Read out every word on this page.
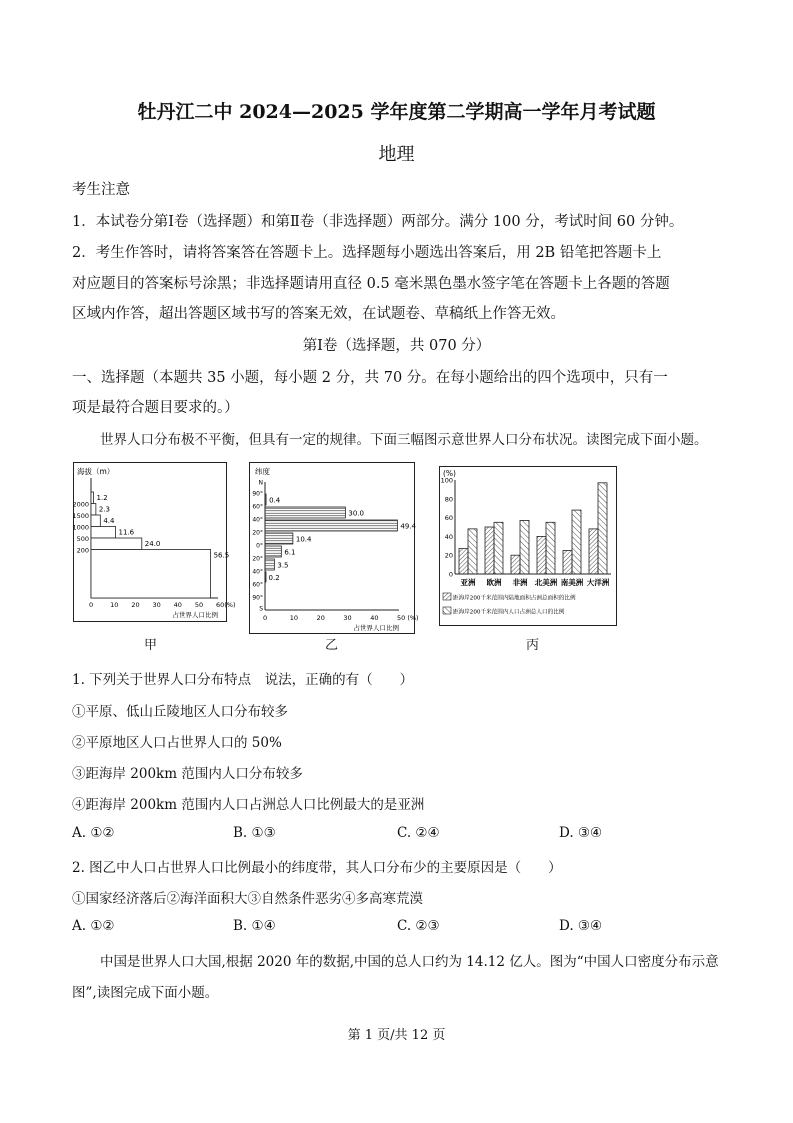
牡丹江二中 2024—2025 学年度第二学期高一学年月考试题
地理
考生注意
1．本试卷分第Ⅰ卷（选择题）和第Ⅱ卷（非选择题）两部分。满分 100 分，考试时间 60 分钟。
2．考生作答时，请将答案答在答题卡上。选择题每小题选出答案后，用 2B 铅笔把答题卡上
对应题目的答案标号涂黑；非选择题请用直径 0.5 毫米黑色墨水签字笔在答题卡上各题的答题
区域内作答，超出答题区域书写的答案无效，在试题卷、草稿纸上作答无效。
第Ⅰ卷（选择题，共 070 分）
一、选择题（本题共 35 小题，每小题 2 分，共 70 分。在每小题给出的四个选项中，只有一
项是最符合题目要求的。）
世界人口分布极不平衡，但具有一定的规律。下面三幅图示意世界人口分布状况。读图完成下面小题。
海拔（m）
1.2
2.3
4.4
11.6
24.0
56.5
2000
1500
1000
500
200
0	10 20 30 40 50 60(%)
占世界人口比例
纬度
N
90°
60°
40°
20°
0°
20°
40°
60°
90°
S
0.4
30.0
49.4
10.4
6.1
3.5
0.2
0	10	20	30	40	50 (%)
占世界人口比例
(%)
0
20
40
60
80
100
亚洲 欧洲 非洲 北美洲 南美洲 大洋洲
距海岸200千米范围内陆地面积占洲总面积的比例
距海岸200千米范围内人口占洲总人口的比例
甲	乙	丙
1. 下列关于世界人口分布特点　说法，正确的有（　　）
①平原、低山丘陵地区人口分布较多
②平原地区人口占世界人口的 50%
③距海岸 200km 范围内人口分布较多
④距海岸 200km 范围内人口占洲总人口比例最大的是亚洲
A. ①②	B. ①③	C. ②④	D. ③④
2. 图乙中人口占世界人口比例最小的纬度带，其人口分布少的主要原因是（　　）
①国家经济落后②海洋面积大③自然条件恶劣④多高寒荒漠
A. ①②	B. ①④	C. ②③	D. ③④
中国是世界人口大国,根据 2020 年的数据,中国的总人口约为 14.12 亿人。图为“中国人口密度分布示意
图”,读图完成下面小题。
第 1 页/共 12 页
